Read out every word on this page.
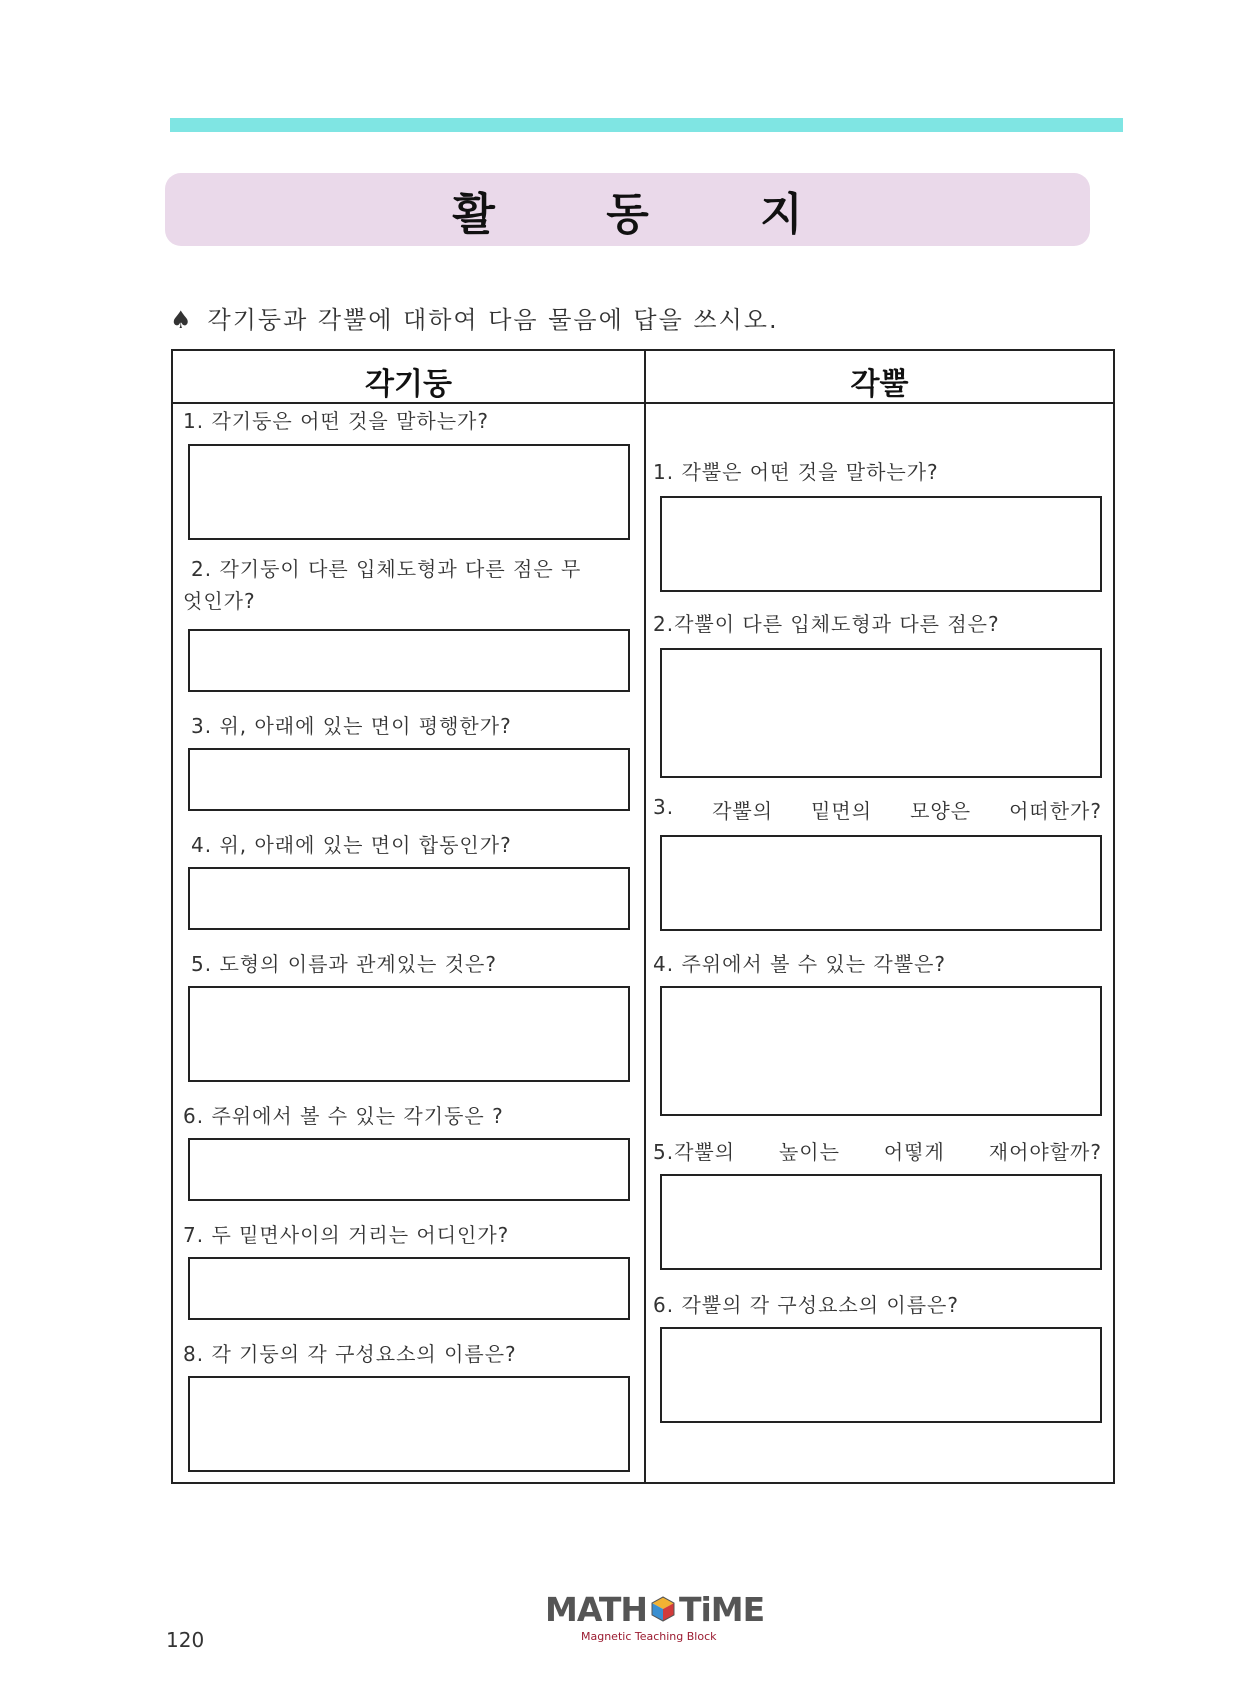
활 동 지
♠ 각기둥과 각뿔에 대하여 다음 물음에 답을 쓰시오.
각기둥	각뿔
1. 각기둥은 어떤 것을 말하는가?
2. 각기둥이 다른 입체도형과 다른 점은 무엇인가?
3. 위, 아래에 있는 면이 평행한가?
4. 위, 아래에 있는 면이 합동인가?
5. 도형의 이름과 관계있는 것은?
6. 주위에서 볼 수 있는 각기둥은 ?
7. 두 밑면사이의 거리는 어디인가?
8. 각 기둥의 각 구성요소의 이름은?
1. 각뿔은 어떤 것을 말하는가?
2.각뿔이 다른 입체도형과 다른 점은?
3. 각뿔의 밑면의 모양은 어떠한가?
4. 주위에서 볼 수 있는 각뿔은?
5.각뿔의 높이는 어떻게 재어야할까?
6. 각뿔의 각 구성요소의 이름은?
120
MATH TiME
Magnetic Teaching Block
